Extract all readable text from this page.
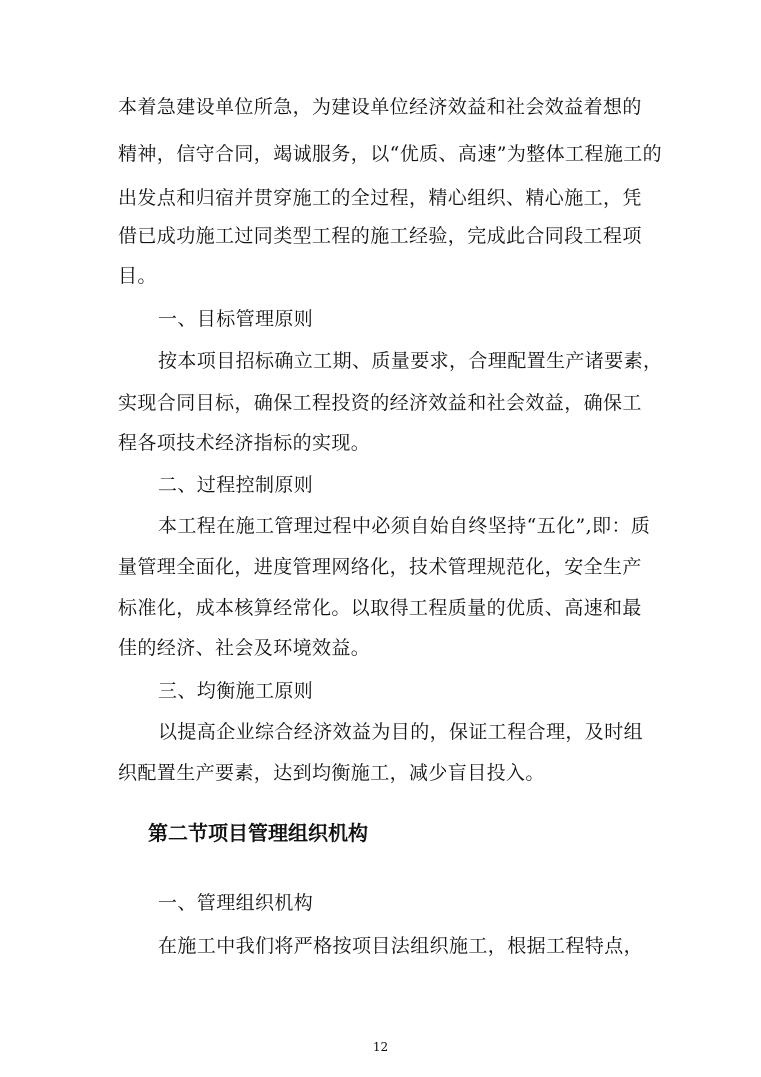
本着急建设单位所急，为建设单位经济效益和社会效益着想的

精神，信守合同，竭诚服务，以“优质、高速”为整体工程施工的

出发点和归宿并贯穿施工的全过程，精心组织、精心施工，凭

借已成功施工过同类型工程的施工经验，完成此合同段工程项

目。

一、目标管理原则

按本项目招标确立工期、质量要求，合理配置生产诸要素，

实现合同目标，确保工程投资的经济效益和社会效益，确保工

程各项技术经济指标的实现。

二、过程控制原则

本工程在施工管理过程中必须自始自终坚持“五化”,即：质

量管理全面化，进度管理网络化，技术管理规范化，安全生产

标准化，成本核算经常化。以取得工程质量的优质、高速和最

佳的经济、社会及环境效益。

三、均衡施工原则

以提高企业综合经济效益为目的，保证工程合理，及时组

织配置生产要素，达到均衡施工，减少盲目投入。

第二节项目管理组织机构

一、管理组织机构

在施工中我们将严格按项目法组织施工，根据工程特点，

12
